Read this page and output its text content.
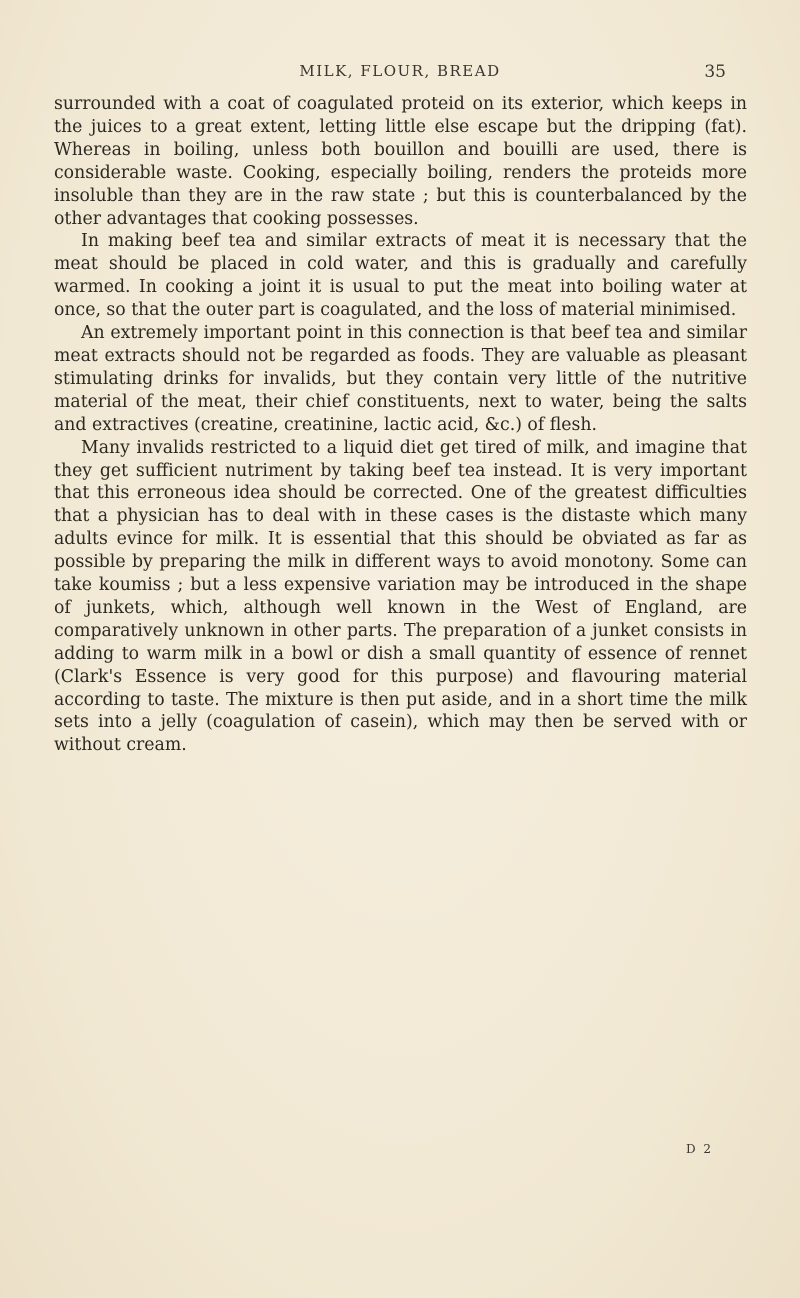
MILK, FLOUR, BREAD	35

surrounded with a coat of coagulated proteid on its exterior, which keeps in the juices to a great extent, letting little else escape but the dripping (fat). Whereas in boiling, unless both bouillon and bouilli are used, there is considerable waste. Cooking, especially boiling, renders the proteids more insoluble than they are in the raw state ; but this is counterbalanced by the other advantages that cooking possesses.

In making beef tea and similar extracts of meat it is necessary that the meat should be placed in cold water, and this is gradually and carefully warmed. In cooking a joint it is usual to put the meat into boiling water at once, so that the outer part is coagulated, and the loss of material minimised.

An extremely important point in this connection is that beef tea and similar meat extracts should not be regarded as foods. They are valuable as pleasant stimulating drinks for invalids, but they contain very little of the nutritive material of the meat, their chief constituents, next to water, being the salts and extractives (creatine, creatinine, lactic acid, &c.) of flesh.

Many invalids restricted to a liquid diet get tired of milk, and imagine that they get sufficient nutriment by taking beef tea instead. It is very important that this erroneous idea should be corrected. One of the greatest difficulties that a physician has to deal with in these cases is the distaste which many adults evince for milk. It is essential that this should be obviated as far as possible by preparing the milk in different ways to avoid monotony. Some can take koumiss ; but a less expensive variation may be introduced in the shape of junkets, which, although well known in the West of England, are comparatively unknown in other parts. The preparation of a junket consists in adding to warm milk in a bowl or dish a small quantity of essence of rennet (Clark's Essence is very good for this purpose) and flavouring material according to taste. The mixture is then put aside, and in a short time the milk sets into a jelly (coagulation of casein), which may then be served with or without cream.

D 2
